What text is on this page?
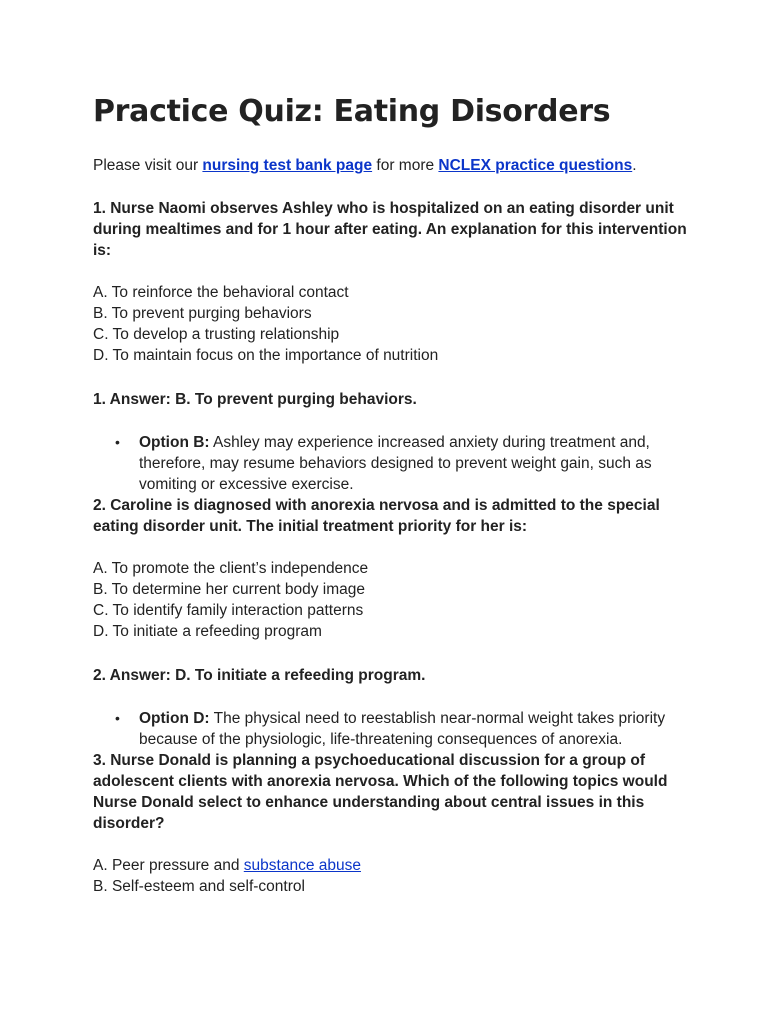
Practice Quiz: Eating Disorders

Please visit our nursing test bank page for more NCLEX practice questions.

1. Nurse Naomi observes Ashley who is hospitalized on an eating disorder unit during mealtimes and for 1 hour after eating. An explanation for this intervention is:

A. To reinforce the behavioral contact
B. To prevent purging behaviors
C. To develop a trusting relationship
D. To maintain focus on the importance of nutrition

1. Answer: B. To prevent purging behaviors.

• Option B: Ashley may experience increased anxiety during treatment and, therefore, may resume behaviors designed to prevent weight gain, such as vomiting or excessive exercise.

2. Caroline is diagnosed with anorexia nervosa and is admitted to the special eating disorder unit. The initial treatment priority for her is:

A. To promote the client’s independence
B. To determine her current body image
C. To identify family interaction patterns
D. To initiate a refeeding program

2. Answer: D. To initiate a refeeding program.

• Option D: The physical need to reestablish near-normal weight takes priority because of the physiologic, life-threatening consequences of anorexia.

3. Nurse Donald is planning a psychoeducational discussion for a group of adolescent clients with anorexia nervosa. Which of the following topics would Nurse Donald select to enhance understanding about central issues in this disorder?

A. Peer pressure and substance abuse
B. Self-esteem and self-control
